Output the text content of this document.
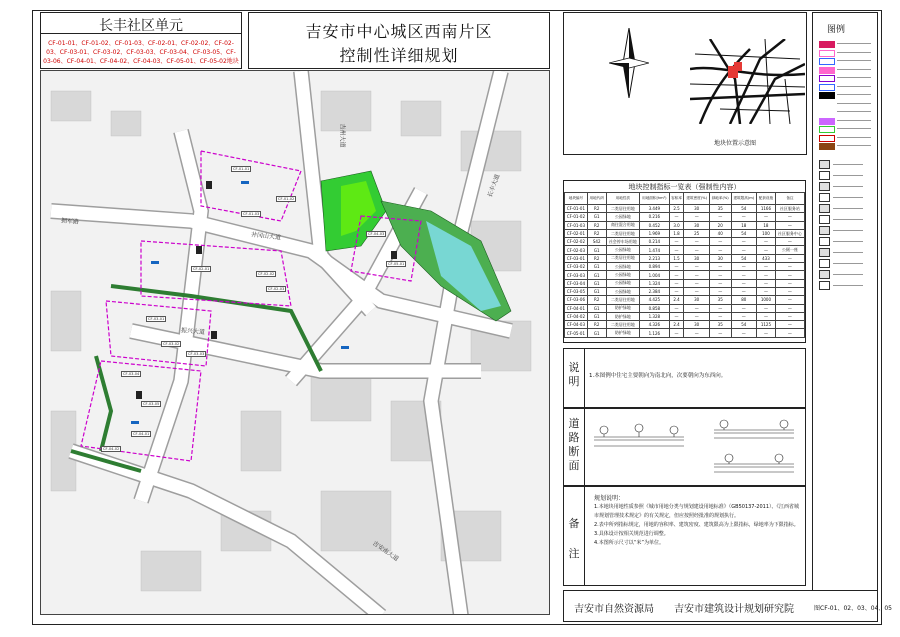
长丰社区单元
CF-01-01、CF-01-02、CF-01-03、CF-02-01、CF-02-02、CF-02-03、CF-03-01、CF-03-02、CF-03-03、CF-03-04、CF-03-05、CF-03-06、CF-04-01、CF-04-02、CF-04-03、CF-05-01、CF-05-02地块
吉安市中心城区西南片区
控制性详细规划
地块位置示意图
图例
地块控制指标一览表（强制性内容）
地块编号	用地代码	用地性质	用地面积(hm²)	容积率	建筑密度(%)	绿地率(%)	建筑限高(m)	配套设施	备注
CF-01-01	R2	二类居住用地	3.449	2.5	30	35	54	1166	社区服务站
CF-01-02	G1	公园绿地	0.216	—	—	—	—	—	—
CF-01-03	R2	商住混合用地	0.452	3.0	30	20	18	18	—
CF-02-01	R2	二类居住用地	1.969	1.8	25	40	54	100	社区服务中心
CF-02-02	S42	社会停车场用地	0.214	—	—	—	—	—	—
CF-02-03	G1	公园绿地	1.474	—	—	—	—	—	公厕一座
CF-03-01	R2	二类居住用地	2.213	1.5	30	30	54	433	—
CF-03-02	G1	公园绿地	0.894	—	—	—	—	—	—
CF-03-03	G1	公园绿地	1.004	—	—	—	—	—	—
CF-03-04	G1	公园绿地	1.324	—	—	—	—	—	—
CF-03-05	G1	公园绿地	2.384	—	—	—	—	—	—
CF-03-06	R2	二类居住用地	4.425	2.4	30	35	80	1000	—
CF-04-01	G1	防护绿地	0.858	—	—	—	—	—	—
CF-04-02	G1	防护绿地	1.328	—	—	—	—	—	—
CF-04-03	R2	二类居住用地	4.326	2.4	30	35	54	1125	—
CF-05-01	G1	防护绿地	1.126	—	—	—	—	—	—
说明 1.本图例中住宅主要朝向为南北向，次要朝向为东西向。
道路断面
备注
规划说明：
1.本地块用地性质参照《城市用地分类与规划建设用地标准》（GB50137-2011）、《江西省城市规划管理技术规定》的有关规定，但应按照经批准的规划执行。
2.表中所列指标规定，用地的容积率、建筑密度、建筑限高为上限指标，绿地率为下限指标。
3.具体设计按相关规范进行调整。
4.本图所示尺寸以“米”为单位。
吉安市自然资源局 吉安市建筑设计规划研究院	图CF-01、02、03、04、05
吉州大道
井冈山大道
振兴大道
吉安南大道
拥军路
长丰大道
CF-01-01
CF-01-02
CF-01-03
CF-02-01
CF-02-02
CF-02-03
CF-03-01
CF-03-02
CF-03-03
CF-03-04
CF-03-05
CF-04-01
CF-04-02
CF-04-03
CF-05-01
